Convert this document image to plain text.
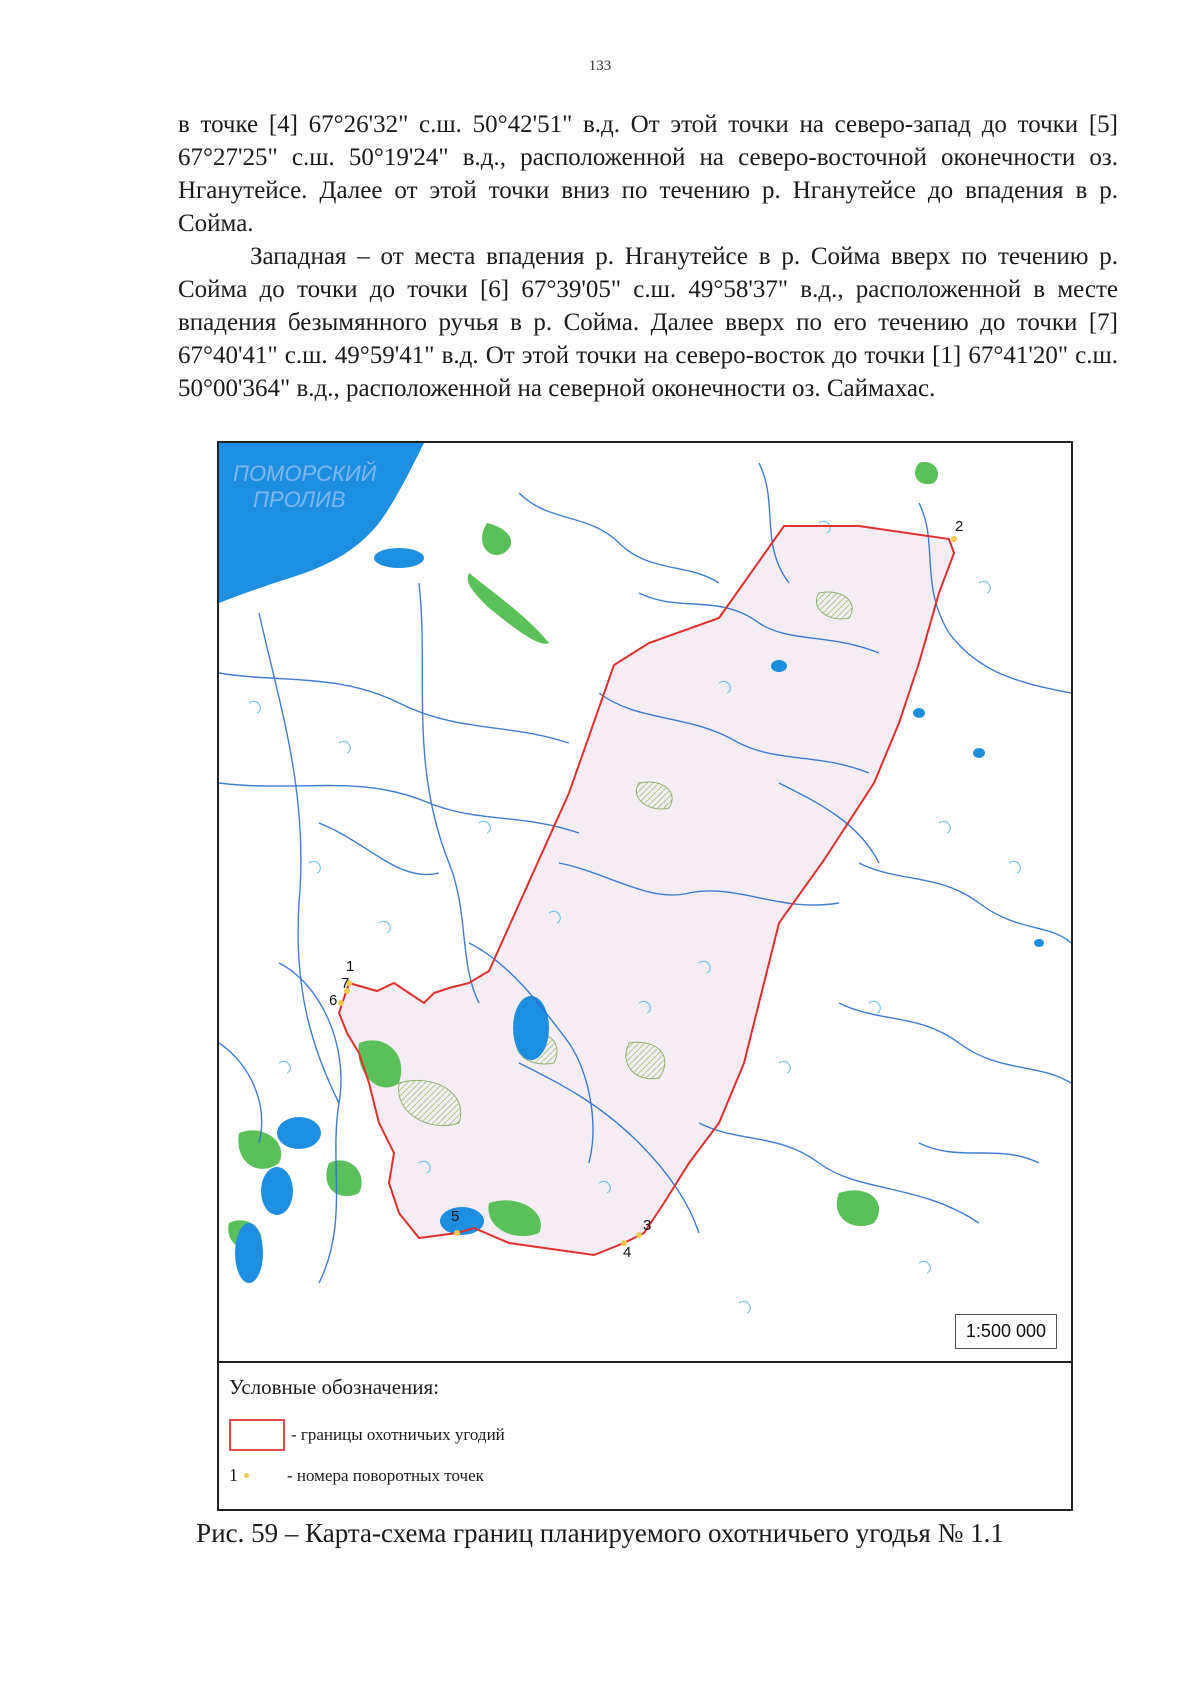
133

в точке [4] 67°26'32" с.ш. 50°42'51" в.д. От этой точки на северо-запад до точки [5] 67°27'25" с.ш. 50°19'24" в.д., расположенной на северо-восточной оконечности оз. Нганутейсе. Далее от этой точки вниз по течению р. Нганутейсе до впадения в р. Сойма.

Западная – от места впадения р. Нганутейсе в р. Сойма вверх по течению р. Сойма до точки до точки [6] 67°39'05" с.ш. 49°58'37" в.д., расположенной в месте впадения безымянного ручья в р. Сойма. Далее вверх по его течению до точки [7] 67°40'41" с.ш. 49°59'41" в.д. От этой точки на северо-восток до точки [1] 67°41'20" с.ш. 50°00'364" в.д., расположенной на северной оконечности оз. Саймахас.

ПОМОРСКИЙ
ПРОЛИВ
1
2
3
4
5
6
7
1:500 000
Условные обозначения:
- границы охотничьих угодий
1	- номера поворотных точек
Рис. 59 – Карта-схема границ планируемого охотничьего угодья № 1.1
